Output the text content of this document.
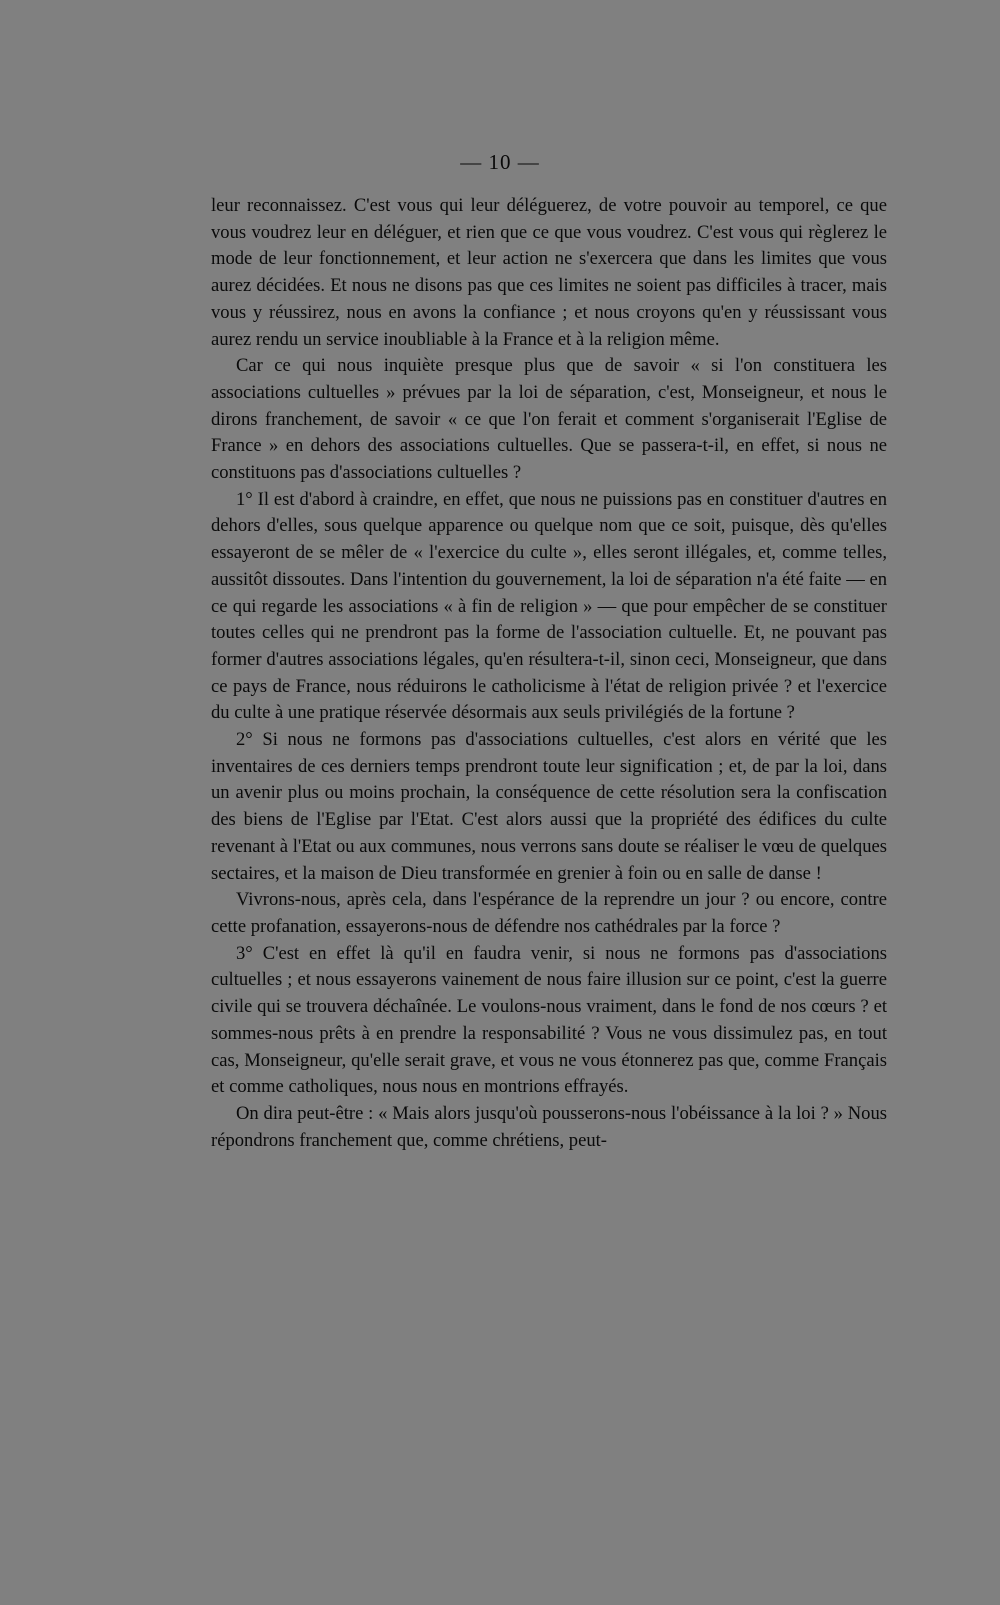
— 10 —

leur reconnaissez. C'est vous qui leur déléguerez, de votre pouvoir au temporel, ce que vous voudrez leur en déléguer, et rien que ce que vous voudrez. C'est vous qui règlerez le mode de leur fonctionnement, et leur action ne s'exercera que dans les limites que vous aurez décidées. Et nous ne disons pas que ces limites ne soient pas difficiles à tracer, mais vous y réussirez, nous en avons la confiance ; et nous croyons qu'en y réussissant vous aurez rendu un service inoubliable à la France et à la religion même.

Car ce qui nous inquiète presque plus que de savoir « si l'on constituera les associations cultuelles » prévues par la loi de séparation, c'est, Monseigneur, et nous le dirons franchement, de savoir « ce que l'on ferait et comment s'organiserait l'Eglise de France » en dehors des associations cultuelles. Que se passera-t-il, en effet, si nous ne constituons pas d'associations cultuelles ?

1° Il est d'abord à craindre, en effet, que nous ne puissions pas en constituer d'autres en dehors d'elles, sous quelque apparence ou quelque nom que ce soit, puisque, dès qu'elles essayeront de se mêler de « l'exercice du culte », elles seront illégales, et, comme telles, aussitôt dissoutes. Dans l'intention du gouvernement, la loi de séparation n'a été faite — en ce qui regarde les associations « à fin de religion » — que pour empêcher de se constituer toutes celles qui ne prendront pas la forme de l'association cultuelle. Et, ne pouvant pas former d'autres associations légales, qu'en résultera-t-il, sinon ceci, Monseigneur, que dans ce pays de France, nous réduirons le catholicisme à l'état de religion privée ? et l'exercice du culte à une pratique réservée désormais aux seuls privilégiés de la fortune ?

2° Si nous ne formons pas d'associations cultuelles, c'est alors en vérité que les inventaires de ces derniers temps prendront toute leur signification ; et, de par la loi, dans un avenir plus ou moins prochain, la conséquence de cette résolution sera la confiscation des biens de l'Eglise par l'Etat. C'est alors aussi que la propriété des édifices du culte revenant à l'Etat ou aux communes, nous verrons sans doute se réaliser le vœu de quelques sectaires, et la maison de Dieu transformée en grenier à foin ou en salle de danse !

Vivrons-nous, après cela, dans l'espérance de la reprendre un jour ? ou encore, contre cette profanation, essayerons-nous de défendre nos cathédrales par la force ?

3° C'est en effet là qu'il en faudra venir, si nous ne formons pas d'associations cultuelles ; et nous essayerons vainement de nous faire illusion sur ce point, c'est la guerre civile qui se trouvera déchaînée. Le voulons-nous vraiment, dans le fond de nos cœurs ? et sommes-nous prêts à en prendre la responsabilité ? Vous ne vous dissimulez pas, en tout cas, Monseigneur, qu'elle serait grave, et vous ne vous étonnerez pas que, comme Français et comme catholiques, nous nous en montrions effrayés.

On dira peut-être : « Mais alors jusqu'où pousserons-nous l'obéissance à la loi ? » Nous répondrons franchement que, comme chrétiens, peut-
